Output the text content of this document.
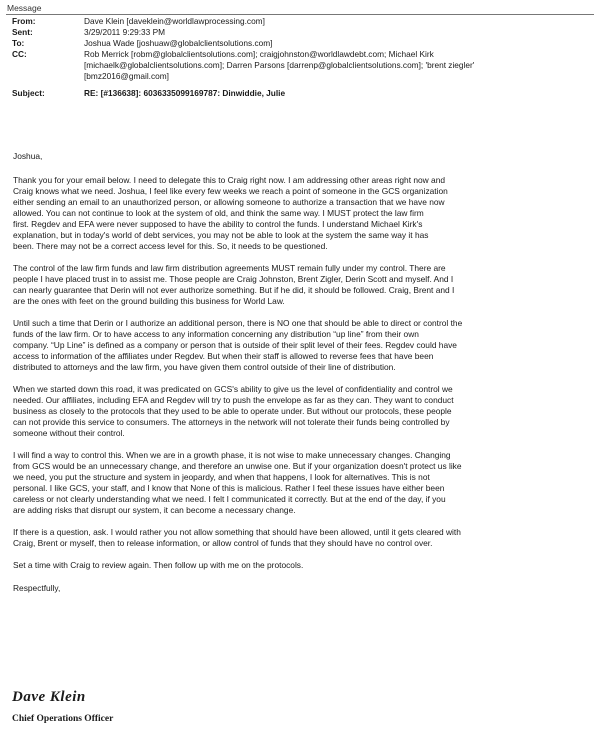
Message
From:	Dave Klein [daveklein@worldlawprocessing.com]
Sent:	3/29/2011 9:29:33 PM
To:	Joshua Wade [joshuaw@globalclientsolutions.com]
CC:	Rob Merrick [robm@globalclientsolutions.com]; craigjohnston@worldlawdebt.com; Michael Kirk
[michaelk@globalclientsolutions.com]; Darren Parsons [darrenp@globalclientsolutions.com]; 'brent ziegler'
[bmz2016@gmail.com]
Subject:	RE: [#136638]: 6036335099169787: Dinwiddie, Julie
Joshua,
Thank you for your email below. I need to delegate this to Craig right now. I am addressing other areas right now and
Craig knows what we need. Joshua, I feel like every few weeks we reach a point of someone in the GCS organization
either sending an email to an unauthorized person, or allowing someone to authorize a transaction that we have now
allowed. You can not continue to look at the system of old, and think the same way. I MUST protect the law firm
first. Regdev and EFA were never supposed to have the ability to control the funds. I understand Michael Kirk's
explanation, but in today's world of debt services, you may not be able to look at the system the same way it has
been. There may not be a correct access level for this. So, it needs to be questioned.
The control of the law firm funds and law firm distribution agreements MUST remain fully under my control. There are
people I have placed trust in to assist me. Those people are Craig Johnston, Brent Zigler, Derin Scott and myself. And I
can nearly guarantee that Derin will not ever authorize something. But if he did, it should be followed. Craig, Brent and I
are the ones with feet on the ground building this business for World Law.
Until such a time that Derin or I authorize an additional person, there is NO one that should be able to direct or control the
funds of the law firm. Or to have access to any information concerning any distribution “up line” from their own
company. “Up Line” is defined as a company or person that is outside of their split level of their fees. Regdev could have
access to information of the affiliates under Regdev. But when their staff is allowed to reverse fees that have been
distributed to attorneys and the law firm, you have given them control outside of their line of distribution.
When we started down this road, it was predicated on GCS's ability to give us the level of confidentiality and control we
needed. Our affiliates, including EFA and Regdev will try to push the envelope as far as they can. They want to conduct
business as closely to the protocols that they used to be able to operate under. But without our protocols, these people
can not provide this service to consumers. The attorneys in the network will not tolerate their funds being controlled by
someone without their control.
I will find a way to control this. When we are in a growth phase, it is not wise to make unnecessary changes. Changing
from GCS would be an unnecessary change, and therefore an unwise one. But if your organization doesn't protect us like
we need, you put the structure and system in jeopardy, and when that happens, I look for alternatives. This is not
personal. I like GCS, your staff, and I know that None of this is malicious. Rather I feel these issues have either been
careless or not clearly understanding what we need. I felt I communicated it correctly. But at the end of the day, if you
are adding risks that disrupt our system, it can become a necessary change.
If there is a question, ask. I would rather you not allow something that should have been allowed, until it gets cleared with
Craig, Brent or myself, then to release information, or allow control of funds that they should have no control over.
Set a time with Craig to review again. Then follow up with me on the protocols.
Respectfully,
Dave Klein
Chief Operations Officer
